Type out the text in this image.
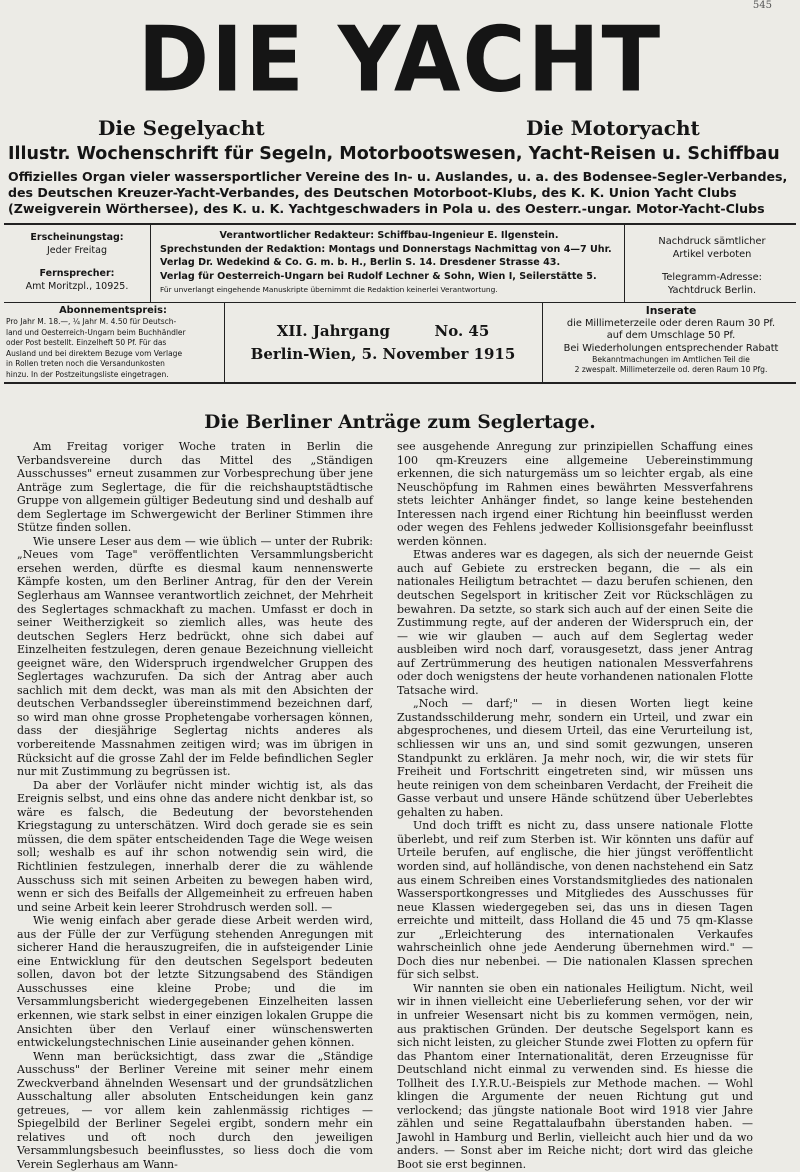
545
DIE YACHT
Die Segelyacht	Die Motoryacht
Illustr. Wochenschrift für Segeln, Motorbootswesen, Yacht-Reisen u. Schiffbau
Offizielles Organ vieler wassersportlicher Vereine des In- u. Auslandes, u. a. des Bodensee-Segler-Verbandes,
des Deutschen Kreuzer-Yacht-Verbandes, des Deutschen Motorboot-Klubs, des K. K. Union Yacht Clubs
(Zweigverein Wörthersee), des K. u. K. Yachtgeschwaders in Pola u. des Oesterr.-ungar. Motor-Yacht-Clubs
Erscheinungstag:
Jeder Freitag
Fernsprecher:
Amt Moritzpl., 10925.
Verantwortlicher Redakteur: Schiffbau-Ingenieur E. Ilgenstein.
Sprechstunden der Redaktion: Montags und Donnerstags Nachmittag von 4—7 Uhr.
Verlag Dr. Wedekind & Co. G. m. b. H., Berlin S. 14. Dresdener Strasse 43.
Verlag für Oesterreich-Ungarn bei Rudolf Lechner & Sohn, Wien I, Seilerstätte 5.
Für unverlangt eingehende Manuskripte übernimmt die Redaktion keinerlei Verantwortung.
Nachdruck sämtlicher
Artikel verboten
Telegramm-Adresse:
Yachtdruck Berlin.
Abonnementspreis:
Pro Jahr M. 18.—, ¼ Jahr M. 4.50 für Deutsch-
land und Oesterreich-Ungarn beim Buchhändler
oder Post bestellt. Einzelheft 50 Pf. Für das
Ausland und bei direktem Bezuge vom Verlage
in Rollen treten noch die Versandunkosten
hinzu. In der Postzeitungsliste eingetragen.
XII. Jahrgang	No. 45
Berlin-Wien, 5. November 1915
Inserate
die Millimeterzeile oder deren Raum 30 Pf.
auf dem Umschlage 50 Pf.
Bei Wiederholungen entsprechender Rabatt
Bekanntmachungen im Amtlichen Teil die
2 zwespalt. Millimeterzeile od. deren Raum 10 Pfg.
Die Berliner Anträge zum Seglertage.

Am Freitag voriger Woche traten in Berlin die Verbandsvereine durch das Mittel des „Ständigen Ausschusses" erneut zusammen zur Vorbesprechung über jene Anträge zum Seglertage, die für die reichshauptstädtische Gruppe von allgemein gültiger Bedeutung sind und deshalb auf dem Seglertage im Schwergewicht der Berliner Stimmen ihre Stütze finden sollen.

Wie unsere Leser aus dem — wie üblich — unter der Rubrik: „Neues vom Tage" veröffentlichten Versammlungsbericht ersehen werden, dürfte es diesmal kaum nennenswerte Kämpfe kosten, um den Berliner Antrag, für den der Verein Seglerhaus am Wannsee verantwortlich zeichnet, der Mehrheit des Seglertages schmackhaft zu machen. Umfasst er doch in seiner Weitherzigkeit so ziemlich alles, was heute des deutschen Seglers Herz bedrückt, ohne sich dabei auf Einzelheiten festzulegen, deren genaue Bezeichnung vielleicht geeignet wäre, den Widerspruch irgendwelcher Gruppen des Seglertages wachzurufen. Da sich der Antrag aber auch sachlich mit dem deckt, was man als mit den Absichten der deutschen Verbandssegler übereinstimmend bezeichnen darf, so wird man ohne grosse Prophetengabe vorhersagen können, dass der diesjährige Seglertag nichts anderes als vorbereitende Massnahmen zeitigen wird; was im übrigen in Rücksicht auf die grosse Zahl der im Felde befindlichen Segler nur mit Zustimmung zu begrüssen ist.

Da aber der Vorläufer nicht minder wichtig ist, als das Ereignis selbst, und eins ohne das andere nicht denkbar ist, so wäre es falsch, die Bedeutung der bevorstehenden Kriegstagung zu unterschätzen. Wird doch gerade sie es sein müssen, die dem später entscheidenden Tage die Wege weisen soll; weshalb es auf ihr schon notwendig sein wird, die Richtlinien festzulegen, innerhalb derer die zu wählende Ausschuss sich mit seinen Arbeiten zu bewegen haben wird, wenn er sich des Beifalls der Allgemeinheit zu erfreuen haben und seine Arbeit kein leerer Strohdrusch werden soll. —

Wie wenig einfach aber gerade diese Arbeit werden wird, aus der Fülle der zur Verfügung stehenden Anregungen mit sicherer Hand die herauszugreifen, die in aufsteigender Linie eine Entwicklung für den deutschen Segelsport bedeuten sollen, davon bot der letzte Sitzungsabend des Ständigen Ausschusses eine kleine Probe; und die im Versammlungsbericht wiedergegebenen Einzelheiten lassen erkennen, wie stark selbst in einer einzigen lokalen Gruppe die Ansichten über den Verlauf einer wünschenswerten entwickelungstechnischen Linie auseinander gehen können.

Wenn man berücksichtigt, dass zwar die „Ständige Ausschuss" der Berliner Vereine mit seiner mehr einem Zweckverband ähnelnden Wesensart und der grundsätzlichen Ausschaltung aller absoluten Entscheidungen kein ganz getreues, — vor allem kein zahlenmässig richtiges — Spiegelbild der Berliner Segelei ergibt, sondern mehr ein relatives und oft noch durch den jeweiligen Versammlungsbesuch beeinflusstes, so liess doch die vom Verein Seglerhaus am Wann-

see ausgehende Anregung zur prinzipiellen Schaffung eines 100 qm-Kreuzers eine allgemeine Uebereinstimmung erkennen, die sich naturgemäss um so leichter ergab, als eine Neuschöpfung im Rahmen eines bewährten Messverfahrens stets leichter Anhänger findet, so lange keine bestehenden Interessen nach irgend einer Richtung hin beeinflusst werden oder wegen des Fehlens jedweder Kollisionsgefahr beeinflusst werden können.

Etwas anderes war es dagegen, als sich der neuernde Geist auch auf Gebiete zu erstrecken begann, die — als ein nationales Heiligtum betrachtet — dazu berufen schienen, den deutschen Segelsport in kritischer Zeit vor Rückschlägen zu bewahren. Da setzte, so stark sich auch auf der einen Seite die Zustimmung regte, auf der anderen der Widerspruch ein, der — wie wir glauben — auch auf dem Seglertag weder ausbleiben wird noch darf, vorausgesetzt, dass jener Antrag auf Zertrümmerung des heutigen nationalen Messverfahrens oder doch wenigstens der heute vorhandenen nationalen Flotte Tatsache wird.

„Noch — darf;" — in diesen Worten liegt keine Zustandsschilderung mehr, sondern ein Urteil, und zwar ein abgesprochenes, und diesem Urteil, das eine Verurteilung ist, schliessen wir uns an, und sind somit gezwungen, unseren Standpunkt zu erklären. Ja mehr noch, wir, die wir stets für Freiheit und Fortschritt eingetreten sind, wir müssen uns heute reinigen von dem scheinbaren Verdacht, der Freiheit die Gasse verbaut und unsere Hände schützend über Ueberlebtes gehalten zu haben.

Und doch trifft es nicht zu, dass unsere nationale Flotte überlebt, und reif zum Sterben ist. Wir könnten uns dafür auf Urteile berufen, auf englische, die hier jüngst veröffentlicht worden sind, auf holländische, von denen nachstehend ein Satz aus einem Schreiben eines Vorstandsmitgliedes des nationalen Wassersportkongresses und Mitgliedes des Ausschusses für neue Klassen wiedergegeben sei, das uns in diesen Tagen erreichte und mitteilt, dass Holland die 45 und 75 qm-Klasse zur „Erleichterung des internationalen Verkaufes wahrscheinlich ohne jede Aenderung übernehmen wird." — Doch dies nur nebenbei. — Die nationalen Klassen sprechen für sich selbst.

Wir nannten sie oben ein nationales Heiligtum. Nicht, weil wir in ihnen vielleicht eine Ueberlieferung sehen, vor der wir in unfreier Wesensart nicht bis zu kommen vermögen, nein, aus praktischen Gründen. Der deutsche Segelsport kann es sich nicht leisten, zu gleicher Stunde zwei Flotten zu opfern für das Phantom einer Internationalität, deren Erzeugnisse für Deutschland nicht einmal zu verwenden sind. Es hiesse die Tollheit des I.Y.R.U.-Beispiels zur Methode machen. — Wohl klingen die Argumente der neuen Richtung gut und verlockend; das jüngste nationale Boot wird 1918 vier Jahre zählen und seine Regattalaufbahn überstanden haben. — Jawohl in Hamburg und Berlin, vielleicht auch hier und da wo anders. — Sonst aber im Reiche nicht; dort wird das gleiche Boot sie erst beginnen.
